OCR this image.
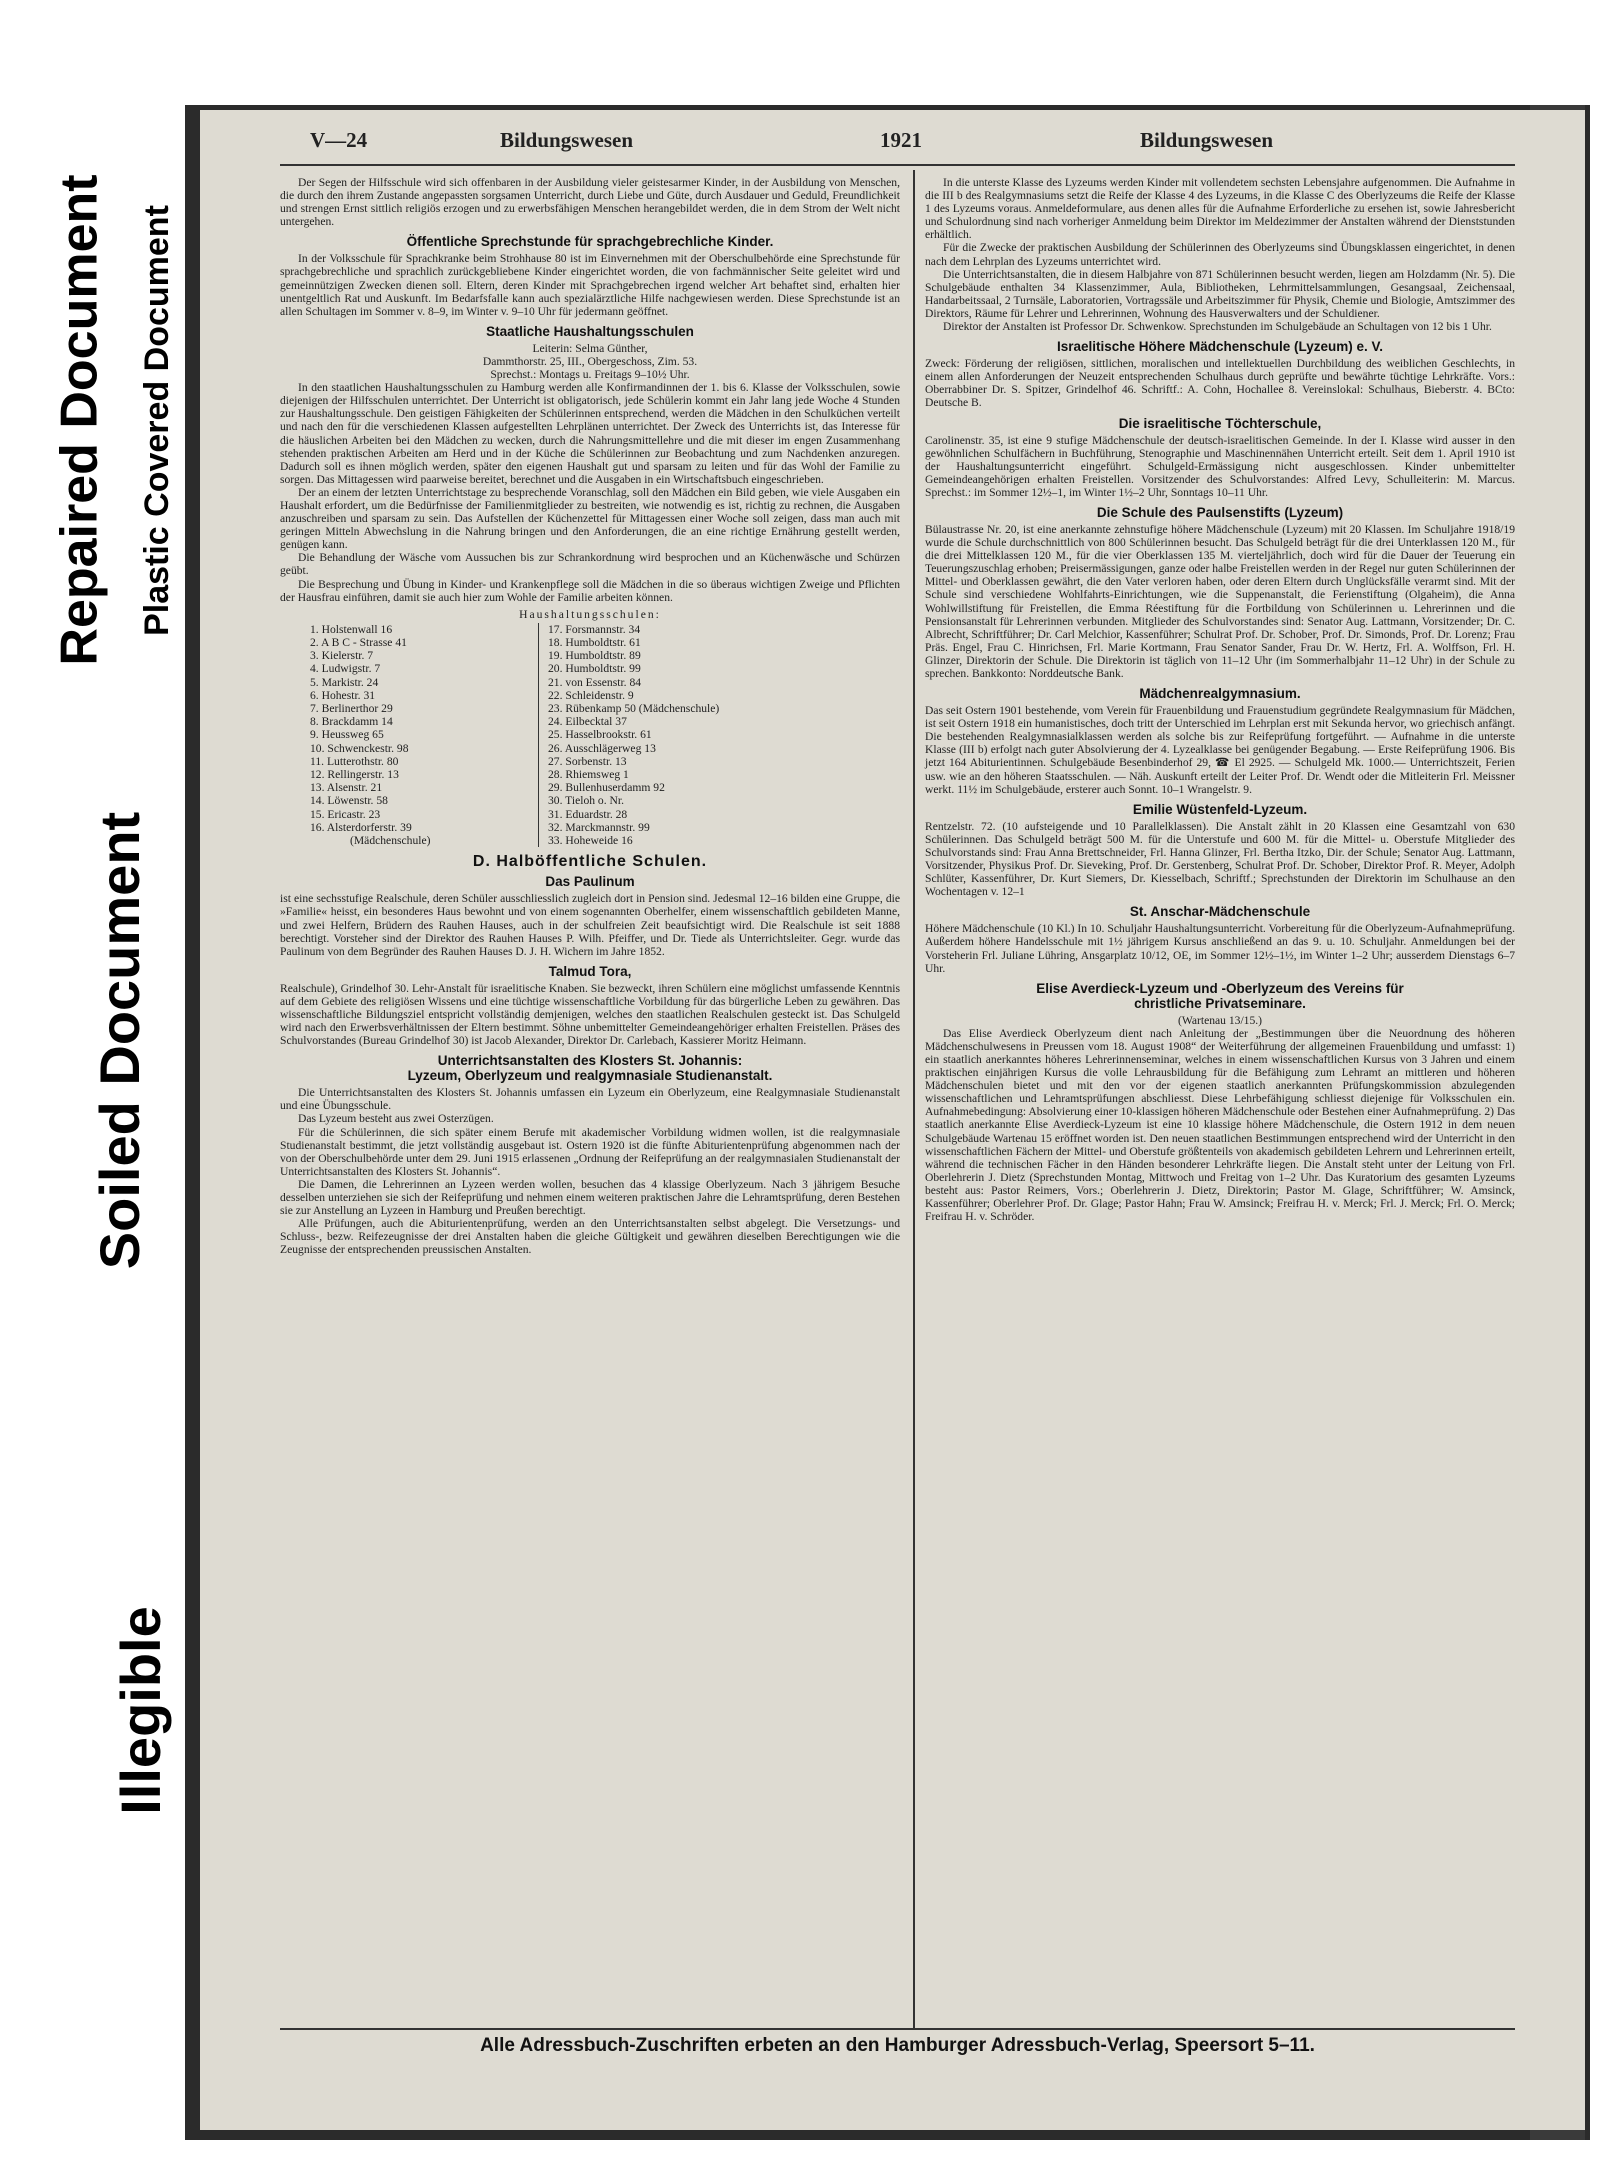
Repaired Document Plastic Covered Document
Soiled Document
Illegible
V—24	Bildungswesen	1921	Bildungswesen

Der Segen der Hilfsschule wird sich offenbaren in der Ausbildung vieler geistesarmer Kinder, in der Ausbildung von Menschen, die durch den ihrem Zustande angepassten sorgsamen Unterricht, durch Liebe und Güte, durch Ausdauer und Geduld, Freundlichkeit und strengen Ernst sittlich religiös erzogen und zu erwerbsfähigen Menschen herangebildet werden, die in dem Strom der Welt nicht untergehen.

Öffentliche Sprechstunde für sprachgebrechliche Kinder.

In der Volksschule für Sprachkranke beim Strohhause 80 ist im Einvernehmen mit der Oberschulbehörde eine Sprechstunde für sprachgebrechliche und sprachlich zurückgebliebene Kinder eingerichtet worden, die von fachmännischer Seite geleitet wird und gemeinnützigen Zwecken dienen soll. Eltern, deren Kinder mit Sprachgebrechen irgend welcher Art behaftet sind, erhalten hier unentgeltlich Rat und Auskunft. Im Bedarfsfalle kann auch spezialärztliche Hilfe nachgewiesen werden. Diese Sprechstunde ist an allen Schultagen im Sommer v. 8–9, im Winter v. 9–10 Uhr für jedermann geöffnet.

Staatliche Haushaltungsschulen

Leiterin: Selma Günther,

Dammthorstr. 25, III., Obergeschoss, Zim. 53.

Sprechst.: Montags u. Freitags 9–10½ Uhr.

In den staatlichen Haushaltungsschulen zu Hamburg werden alle Konfirmandinnen der 1. bis 6. Klasse der Volksschulen, sowie diejenigen der Hilfsschulen unterrichtet. Der Unterricht ist obligatorisch, jede Schülerin kommt ein Jahr lang jede Woche 4 Stunden zur Haushaltungsschule. Den geistigen Fähigkeiten der Schülerinnen entsprechend, werden die Mädchen in den Schulküchen verteilt und nach den für die verschiedenen Klassen aufgestellten Lehrplänen unterrichtet. Der Zweck des Unterrichts ist, das Interesse für die häuslichen Arbeiten bei den Mädchen zu wecken, durch die Nahrungsmittellehre und die mit dieser im engen Zusammenhang stehenden praktischen Arbeiten am Herd und in der Küche die Schülerinnen zur Beobachtung und zum Nachdenken anzuregen. Dadurch soll es ihnen möglich werden, später den eigenen Haushalt gut und sparsam zu leiten und für das Wohl der Familie zu sorgen. Das Mittagessen wird paarweise bereitet, berechnet und die Ausgaben in ein Wirtschaftsbuch eingeschrieben.

Der an einem der letzten Unterrichtstage zu besprechende Voranschlag, soll den Mädchen ein Bild geben, wie viele Ausgaben ein Haushalt erfordert, um die Bedürfnisse der Familienmitglieder zu bestreiten, wie notwendig es ist, richtig zu rechnen, die Ausgaben anzuschreiben und sparsam zu sein. Das Aufstellen der Küchenzettel für Mittagessen einer Woche soll zeigen, dass man auch mit geringen Mitteln Abwechslung in die Nahrung bringen und den Anforderungen, die an eine richtige Ernährung gestellt werden, genügen kann.

Die Behandlung der Wäsche vom Aussuchen bis zur Schrankordnung wird besprochen und an Küchenwäsche und Schürzen geübt.

Die Besprechung und Übung in Kinder- und Krankenpflege soll die Mädchen in die so überaus wichtigen Zweige und Pflichten der Hausfrau einführen, damit sie auch hier zum Wohle der Familie arbeiten können.

Haushaltungsschulen:

1. Holstenwall 16
2. A B C - Strasse 41
3. Kielerstr. 7
4. Ludwigstr. 7
5. Markistr. 24
6. Hohestr. 31
7. Berlinerthor 29
8. Brackdamm 14
9. Heussweg 65
10. Schwenckestr. 98
11. Lutterothstr. 80
12. Rellingerstr. 13
13. Alsenstr. 21
14. Löwenstr. 58
15. Ericastr. 23
16. Alsterdorferstr. 39
(Mädchenschule)
17. Forsmannstr. 34
18. Humboldtstr. 61
19. Humboldtstr. 89
20. Humboldtstr. 99
21. von Essenstr. 84
22. Schleidenstr. 9
23. Rübenkamp 50 (Mädchenschule)
24. Eilbecktal 37
25. Hasselbrookstr. 61
26. Ausschlägerweg 13
27. Sorbenstr. 13
28. Rhiemsweg 1
29. Bullenhuserdamm 92
30. Tieloh o. Nr.
31. Eduardstr. 28
32. Marckmannstr. 99
33. Hoheweide 16
D. Halböffentliche Schulen.
Das Paulinum

ist eine sechsstufige Realschule, deren Schüler ausschliesslich zugleich dort in Pension sind. Jedesmal 12–16 bilden eine Gruppe, die »Familie« heisst, ein besonderes Haus bewohnt und von einem sogenannten Oberhelfer, einem wissenschaftlich gebildeten Manne, und zwei Helfern, Brüdern des Rauhen Hauses, auch in der schulfreien Zeit beaufsichtigt wird. Die Realschule ist seit 1888 berechtigt. Vorsteher sind der Direktor des Rauhen Hauses P. Wilh. Pfeiffer, und Dr. Tiede als Unterrichtsleiter. Gegr. wurde das Paulinum von dem Begründer des Rauhen Hauses D. J. H. Wichern im Jahre 1852.

Talmud Tora,

Realschule), Grindelhof 30. Lehr-Anstalt für israelitische Knaben. Sie bezweckt, ihren Schülern eine möglichst umfassende Kenntnis auf dem Gebiete des religiösen Wissens und eine tüchtige wissenschaftliche Vorbildung für das bürgerliche Leben zu gewähren. Das wissenschaftliche Bildungsziel entspricht vollständig demjenigen, welches den staatlichen Realschulen gesteckt ist. Das Schulgeld wird nach den Erwerbsverhältnissen der Eltern bestimmt. Söhne unbemittelter Gemeindeangehöriger erhalten Freistellen. Präses des Schulvorstandes (Bureau Grindelhof 30) ist Jacob Alexander, Direktor Dr. Carlebach, Kassierer Moritz Heimann.

Unterrichtsanstalten des Klosters St. Johannis:
Lyzeum, Oberlyzeum und realgymnasiale Studienanstalt.

Die Unterrichtsanstalten des Klosters St. Johannis umfassen ein Lyzeum ein Oberlyzeum, eine Realgymnasiale Studienanstalt und eine Übungsschule.

Das Lyzeum besteht aus zwei Osterzügen.

Für die Schülerinnen, die sich später einem Berufe mit akademischer Vorbildung widmen wollen, ist die realgymnasiale Studienanstalt bestimmt, die jetzt vollständig ausgebaut ist. Ostern 1920 ist die fünfte Abiturientenprüfung abgenommen nach der von der Oberschulbehörde unter dem 29. Juni 1915 erlassenen „Ordnung der Reifeprüfung an der realgymnasialen Studienanstalt der Unterrichtsanstalten des Klosters St. Johannis“.

Die Damen, die Lehrerinnen an Lyzeen werden wollen, besuchen das 4 klassige Oberlyzeum. Nach 3 jährigem Besuche desselben unterziehen sie sich der Reifeprüfung und nehmen einem weiteren praktischen Jahre die Lehramtsprüfung, deren Bestehen sie zur Anstellung an Lyzeen in Hamburg und Preußen berechtigt.

Alle Prüfungen, auch die Abiturientenprüfung, werden an den Unterrichtsanstalten selbst abgelegt. Die Versetzungs- und Schluss-, bezw. Reifezeugnisse der drei Anstalten haben die gleiche Gültigkeit und gewähren dieselben Berechtigungen wie die Zeugnisse der entsprechenden preussischen Anstalten.

In die unterste Klasse des Lyzeums werden Kinder mit vollendetem sechsten Lebensjahre aufgenommen. Die Aufnahme in die III b des Realgymnasiums setzt die Reife der Klasse 4 des Lyzeums, in die Klasse C des Oberlyzeums die Reife der Klasse 1 des Lyzeums voraus. Anmeldeformulare, aus denen alles für die Aufnahme Erforderliche zu ersehen ist, sowie Jahresbericht und Schulordnung sind nach vorheriger Anmeldung beim Direktor im Meldezimmer der Anstalten während der Dienststunden erhältlich.

Für die Zwecke der praktischen Ausbildung der Schülerinnen des Oberlyzeums sind Übungsklassen eingerichtet, in denen nach dem Lehrplan des Lyzeums unterrichtet wird.

Die Unterrichtsanstalten, die in diesem Halbjahre von 871 Schülerinnen besucht werden, liegen am Holzdamm (Nr. 5). Die Schulgebäude enthalten 34 Klassenzimmer, Aula, Bibliotheken, Lehrmittelsammlungen, Gesangsaal, Zeichensaal, Handarbeitssaal, 2 Turnsäle, Laboratorien, Vortragssäle und Arbeitszimmer für Physik, Chemie und Biologie, Amtszimmer des Direktors, Räume für Lehrer und Lehrerinnen, Wohnung des Hausverwalters und der Schuldiener.

Direktor der Anstalten ist Professor Dr. Schwenkow. Sprechstunden im Schulgebäude an Schultagen von 12 bis 1 Uhr.

Israelitische Höhere Mädchenschule (Lyzeum) e. V.

Zweck: Förderung der religiösen, sittlichen, moralischen und intellektuellen Durchbildung des weiblichen Geschlechts, in einem allen Anforderungen der Neuzeit entsprechenden Schulhaus durch geprüfte und bewährte tüchtige Lehrkräfte. Vors.: Oberrabbiner Dr. S. Spitzer, Grindelhof 46. Schriftf.: A. Cohn, Hochallee 8. Vereinslokal: Schulhaus, Bieberstr. 4. BCto: Deutsche B.

Die israelitische Töchterschule,

Carolinenstr. 35, ist eine 9 stufige Mädchenschule der deutsch-israelitischen Gemeinde. In der I. Klasse wird ausser in den gewöhnlichen Schulfächern in Buchführung, Stenographie und Maschinennähen Unterricht erteilt. Seit dem 1. April 1910 ist der Haushaltungsunterricht eingeführt. Schulgeld-Ermässigung nicht ausgeschlossen. Kinder unbemittelter Gemeindeangehörigen erhalten Freistellen. Vorsitzender des Schulvorstandes: Alfred Levy, Schulleiterin: M. Marcus. Sprechst.: im Sommer 12½–1, im Winter 1½–2 Uhr, Sonntags 10–11 Uhr.

Die Schule des Paulsenstifts (Lyzeum)

Bülaustrasse Nr. 20, ist eine anerkannte zehnstufige höhere Mädchenschule (Lyzeum) mit 20 Klassen. Im Schuljahre 1918/19 wurde die Schule durchschnittlich von 800 Schülerinnen besucht. Das Schulgeld beträgt für die drei Unterklassen 120 M., für die drei Mittelklassen 120 M., für die vier Oberklassen 135 M. vierteljährlich, doch wird für die Dauer der Teuerung ein Teuerungszuschlag erhoben; Preisermässigungen, ganze oder halbe Freistellen werden in der Regel nur guten Schülerinnen der Mittel- und Oberklassen gewährt, die den Vater verloren haben, oder deren Eltern durch Unglücksfälle verarmt sind. Mit der Schule sind verschiedene Wohlfahrts-Einrichtungen, wie die Suppenanstalt, die Ferienstiftung (Olgaheim), die Anna Wohlwillstiftung für Freistellen, die Emma Réestiftung für die Fortbildung von Schülerinnen u. Lehrerinnen und die Pensionsanstalt für Lehrerinnen verbunden. Mitglieder des Schulvorstandes sind: Senator Aug. Lattmann, Vorsitzender; Dr. C. Albrecht, Schriftführer; Dr. Carl Melchior, Kassenführer; Schulrat Prof. Dr. Schober, Prof. Dr. Simonds, Prof. Dr. Lorenz; Frau Präs. Engel, Frau C. Hinrichsen, Frl. Marie Kortmann, Frau Senator Sander, Frau Dr. W. Hertz, Frl. A. Wolffson, Frl. H. Glinzer, Direktorin der Schule. Die Direktorin ist täglich von 11–12 Uhr (im Sommerhalbjahr 11–12 Uhr) in der Schule zu sprechen. Bankkonto: Norddeutsche Bank.

Mädchenrealgymnasium.

Das seit Ostern 1901 bestehende, vom Verein für Frauenbildung und Frauenstudium gegründete Realgymnasium für Mädchen, ist seit Ostern 1918 ein humanistisches, doch tritt der Unterschied im Lehrplan erst mit Sekunda hervor, wo griechisch anfängt. Die bestehenden Realgymnasialklassen werden als solche bis zur Reifeprüfung fortgeführt. — Aufnahme in die unterste Klasse (III b) erfolgt nach guter Absolvierung der 4. Lyzealklasse bei genügender Begabung. — Erste Reifeprüfung 1906. Bis jetzt 164 Abiturientinnen. Schulgebäude Besenbinderhof 29, ☎ El 2925. — Schulgeld Mk. 1000.— Unterrichtszeit, Ferien usw. wie an den höheren Staatsschulen. — Näh. Auskunft erteilt der Leiter Prof. Dr. Wendt oder die Mitleiterin Frl. Meissner werkt. 11½ im Schulgebäude, ersterer auch Sonnt. 10–1 Wrangelstr. 9.

Emilie Wüstenfeld-Lyzeum.

Rentzelstr. 72. (10 aufsteigende und 10 Parallelklassen). Die Anstalt zählt in 20 Klassen eine Gesamtzahl von 630 Schülerinnen. Das Schulgeld beträgt 500 M. für die Unterstufe und 600 M. für die Mittel- u. Oberstufe Mitglieder des Schulvorstands sind: Frau Anna Brettschneider, Frl. Hanna Glinzer, Frl. Bertha Itzko, Dir. der Schule; Senator Aug. Lattmann, Vorsitzender, Physikus Prof. Dr. Sieveking, Prof. Dr. Gerstenberg, Schulrat Prof. Dr. Schober, Direktor Prof. R. Meyer, Adolph Schlüter, Kassenführer, Dr. Kurt Siemers, Dr. Kiesselbach, Schriftf.; Sprechstunden der Direktorin im Schulhause an den Wochentagen v. 12–1

St. Anschar-Mädchenschule

Höhere Mädchenschule (10 Kl.) In 10. Schuljahr Haushaltungsunterricht. Vorbereitung für die Oberlyzeum-Aufnahmeprüfung. Außerdem höhere Handelsschule mit 1½ jährigem Kursus anschließend an das 9. u. 10. Schuljahr. Anmeldungen bei der Vorsteherin Frl. Juliane Lühring, Ansgarplatz 10/12, OE, im Sommer 12½–1½, im Winter 1–2 Uhr; ausserdem Dienstags 6–7 Uhr.

Elise Averdieck-Lyzeum und -Oberlyzeum des Vereins für
christliche Privatseminare.

(Wartenau 13/15.)

Das Elise Averdieck Oberlyzeum dient nach Anleitung der „Bestimmungen über die Neuordnung des höheren Mädchenschulwesens in Preussen vom 18. August 1908“ der Weiterführung der allgemeinen Frauenbildung und umfasst: 1) ein staatlich anerkanntes höheres Lehrerinnenseminar, welches in einem wissenschaftlichen Kursus von 3 Jahren und einem praktischen einjährigen Kursus die volle Lehrausbildung für die Befähigung zum Lehramt an mittleren und höheren Mädchenschulen bietet und mit den vor der eigenen staatlich anerkannten Prüfungskommission abzulegenden wissenschaftlichen und Lehramtsprüfungen abschliesst. Diese Lehrbefähigung schliesst diejenige für Volksschulen ein. Aufnahmebedingung: Absolvierung einer 10-klassigen höheren Mädchenschule oder Bestehen einer Aufnahmeprüfung. 2) Das staatlich anerkannte Elise Averdieck-Lyzeum ist eine 10 klassige höhere Mädchenschule, die Ostern 1912 in dem neuen Schulgebäude Wartenau 15 eröffnet worden ist. Den neuen staatlichen Bestimmungen entsprechend wird der Unterricht in den wissenschaftlichen Fächern der Mittel- und Oberstufe größtenteils von akademisch gebildeten Lehrern und Lehrerinnen erteilt, während die technischen Fächer in den Händen besonderer Lehrkräfte liegen. Die Anstalt steht unter der Leitung von Frl. Oberlehrerin J. Dietz (Sprechstunden Montag, Mittwoch und Freitag von 1–2 Uhr. Das Kuratorium des gesamten Lyzeums besteht aus: Pastor Reimers, Vors.; Oberlehrerin J. Dietz, Direktorin; Pastor M. Glage, Schriftführer; W. Amsinck, Kassenführer; Oberlehrer Prof. Dr. Glage; Pastor Hahn; Frau W. Amsinck; Freifrau H. v. Merck; Frl. J. Merck; Frl. O. Merck; Freifrau H. v. Schröder.

Alle Adressbuch-Zuschriften erbeten an den Hamburger Adressbuch-Verlag, Speersort 5–11.
